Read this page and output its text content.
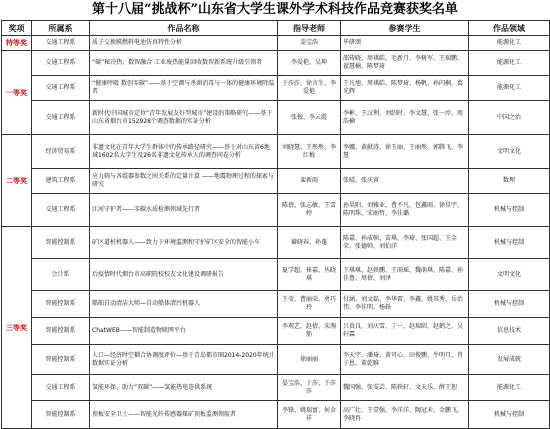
第十八届“挑战杯”山东省大学生课外学术科技作品竞赛获奖名单
奖项	所属系	作品名称	指导老师	参赛学生	作品领域
特等奖	交通工程系	质子交换膜燃料电池仿真特性分析	姜宝浩	毕研颂	能源化工
一等奖	交通工程系	“碳”秘冷热，数智融合 工业废热能量回收数智新系统升级引领者	李爱艳、吴坤	邵传晓、周祺皓、毛新月、李树军、王瑞鹏、翟慧楠、陈梦琦	能源化工
	交通工程系	“健康呼吸 数创零碳”——基于空调与杀菌消毒与一体的健康环境降温者	于莎莎、徐言生、李爱艳	王凡旭、周祺皓、陈梦琦、杨帆、孙闪桐、葛光辉	能源化工
	交通工程系	新时代中国城市定位“青年发展友好型城市”建设的策略研究——基于山东省烟台市152928个调查数据的实证分析	张俊、李云霞	李彬、王汉利、刘绍时、李文慧、张一淳、周浩楠	中国之治
二等奖	经济贸易系	非遗文化在青年大学生群体中的传承路径研究——基于对山东省6地域1602名大学生及26名非遗文化传承人的调查问卷分析	刘晓慧、王彤彤、李红梅	李娜、黄献涛、徐玉丽、王丽彤、郭腾飞、李慧	文明文化
	建筑工程系	应力筛与各霞器参数之间关系的定量计算 ——地震物理过程的探索与研究	栾新雨	张晴、张庆宵	数理
	交通工程系	江河守护者——零碳水质检测领域先行者	陈蓓、张志敏、王雪婷	孙昊阳、刘雅业、曹不凡、包鑫雨、徐星宇、陈明珠、宋丽哲、李佳璐	机械与控制
三等奖	智能控制系	矿区道桩机器人——致力于环境监测和守护矿区安全的智能小车	綦晓春、孙蓬	陈嘉、孙成帜、苗琪、李琦、张国超、王金荣、张德帅、刘伯洋	机械与控制
	会计系	后疫情时代烟台市高职院校校友文化建设调研报告	夏学超、崔嘉、丛晓琪	王琪琪、赵轶鹏、王雨瑶、魏萌琪、陈嘉、孙佳鲁、周蓓、刘泽	文明文化
	智能控制系	船舶自动清洁大师—自动船体清污机器人	王莹、曹丽荣、勇巧玲	付涵、刘文磊、李华雷、李鑫、姚其秀、岳治伟、李佳明、杨轶	机械与控制
	智能控制系	ChatWEB——智能制造物联网平台	李观艺、赵倩、宋淘筋	吕贵良、刘庆雪、丁一、赵瑞昭、赵鹤之、吴轩霖	信息技术
	智能控制系	人口—经济时空耦合协调度评价—基于青岛都市圈2014-2020年统计数据实证分析	徐丽丽	李天宇、潘琦、黄可心、田俊鹏、牛明月、肖子恩、董乾睢	发展成就
	交通工程系	氢能环保、助力“双碳”——氢能热电连供系统	晏宝浩、于莎、于莎莎	魏国强、张雯芸、陈轶轩、文天乐、薛王恕	能源化工
	智能控制系	顶板安全卫士——智能光纤传感器煤矿顶板监测领航者	李锋、姚瑞富、何金祥	高广壮、王壹强、李洋洋、陶冠禾、金鹏飞、李晓冉	机械与控制
